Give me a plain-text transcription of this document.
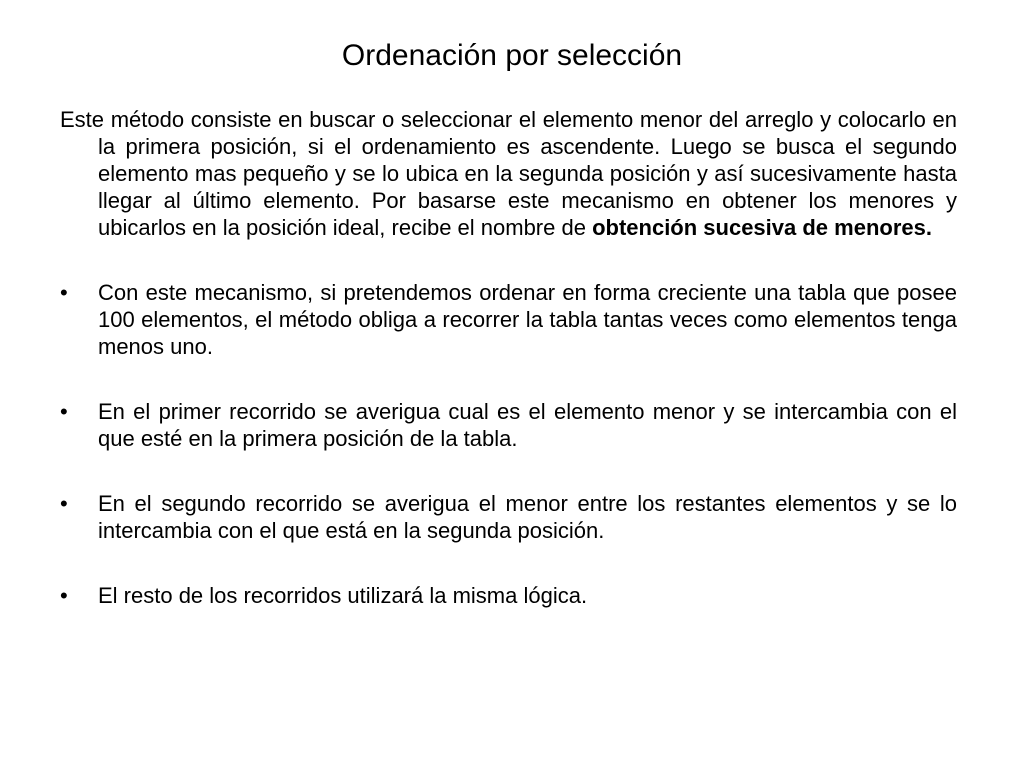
Ordenación por selección

Este método consiste en buscar o seleccionar el elemento menor del arreglo y colocarlo en la primera posición, si el ordenamiento es ascendente. Luego se busca el segundo elemento mas pequeño y se lo ubica en la segunda posición y así sucesivamente hasta llegar al último elemento. Por basarse este mecanismo en obtener los menores y ubicarlos en la posición ideal, recibe el nombre de obtención sucesiva de menores.

•	Con este mecanismo, si pretendemos ordenar en forma creciente una tabla que posee 100 elementos, el método obliga a recorrer la tabla tantas veces como elementos tenga menos uno.
•	En el primer recorrido se averigua cual es el elemento menor y se intercambia con el que esté en la primera posición de la tabla.
•	En el segundo recorrido se averigua el menor entre los restantes elementos y se lo intercambia con el que está en la segunda posición.
•	El resto de los recorridos utilizará la misma lógica.
